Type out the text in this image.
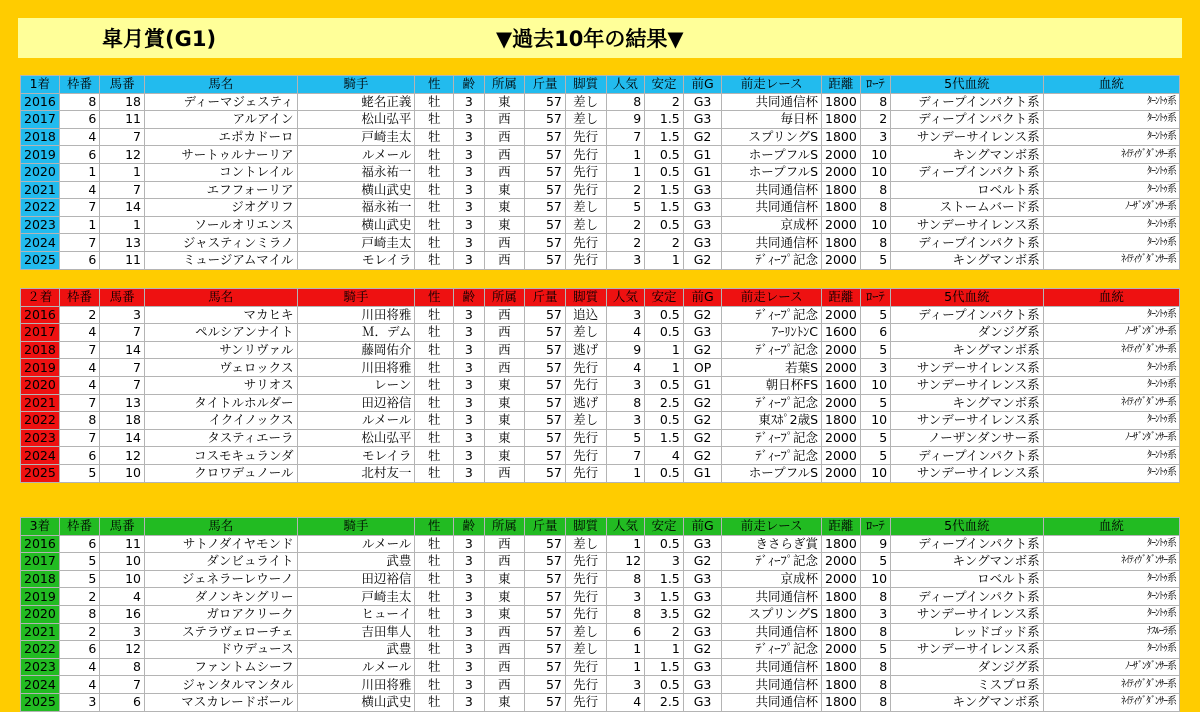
皐月賞(G1)	▼過去10年の結果▼
1着	枠番	馬番	馬名	騎手	性	齢	所属	斤量	脚質	人気	安定	前G	前走レース	距離	ﾛｰﾃ	5代血統	血統
2016	8	18	ディーマジェスティ	蛯名正義	牡	3	東	57	差し	8	2	G3	共同通信杯	1800	8	ディープインパクト系	ﾀｰﾝﾄｩ系
2017	6	11	アルアイン	松山弘平	牡	3	西	57	差し	9	1.5	G3	毎日杯	1800	2	ディープインパクト系	ﾀｰﾝﾄｩ系
2018	4	7	エポカドーロ	戸崎圭太	牡	3	西	57	先行	7	1.5	G2	スプリングS	1800	3	サンデーサイレンス系	ﾀｰﾝﾄｩ系
2019	6	12	サートゥルナーリア	ルメール	牡	3	西	57	先行	1	0.5	G1	ホープフルS	2000	10	キングマンボ系	ﾈｲﾃｨｳﾞﾀﾞﾝｻｰ系
2020	1	1	コントレイル	福永祐一	牡	3	西	57	先行	1	0.5	G1	ホープフルS	2000	10	ディープインパクト系	ﾀｰﾝﾄｩ系
2021	4	7	エフフォーリア	横山武史	牡	3	東	57	先行	2	1.5	G3	共同通信杯	1800	8	ロベルト系	ﾀｰﾝﾄｩ系
2022	7	14	ジオグリフ	福永祐一	牡	3	東	57	差し	5	1.5	G3	共同通信杯	1800	8	ストームバード系	ﾉｰｻﾞﾝﾀﾞﾝｻｰ系
2023	1	1	ソールオリエンス	横山武史	牡	3	東	57	差し	2	0.5	G3	京成杯	2000	10	サンデーサイレンス系	ﾀｰﾝﾄｩ系
2024	7	13	ジャスティンミラノ	戸崎圭太	牡	3	西	57	先行	2	2	G3	共同通信杯	1800	8	ディープインパクト系	ﾀｰﾝﾄｩ系
2025	6	11	ミュージアムマイル	モレイラ	牡	3	西	57	先行	3	1	G2	ﾃﾞｨｰﾌﾟ記念	2000	5	キングマンボ系	ﾈｲﾃｨｳﾞﾀﾞﾝｻｰ系
２着	枠番	馬番	馬名	騎手	性	齢	所属	斤量	脚質	人気	安定	前G	前走レース	距離	ﾛｰﾃ	5代血統	血統
2016	2	3	マカヒキ	川田将雅	牡	3	西	57	追込	3	0.5	G2	ﾃﾞｨｰﾌﾟ記念	2000	5	ディープインパクト系	ﾀｰﾝﾄｩ系
2017	4	7	ペルシアンナイト	Ｍ．デム	牡	3	西	57	差し	4	0.5	G3	ｱｰﾘﾝﾄﾝC	1600	6	ダンジグ系	ﾉｰｻﾞﾝﾀﾞﾝｻｰ系
2018	7	14	サンリヴァル	藤岡佑介	牡	3	西	57	逃げ	9	1	G2	ﾃﾞｨｰﾌﾟ記念	2000	5	キングマンボ系	ﾈｲﾃｨｳﾞﾀﾞﾝｻｰ系
2019	4	7	ヴェロックス	川田将雅	牡	3	西	57	先行	4	1	OP	若葉S	2000	3	サンデーサイレンス系	ﾀｰﾝﾄｩ系
2020	4	7	サリオス	レーン	牡	3	東	57	先行	3	0.5	G1	朝日杯FS	1600	10	サンデーサイレンス系	ﾀｰﾝﾄｩ系
2021	7	13	タイトルホルダー	田辺裕信	牡	3	東	57	逃げ	8	2.5	G2	ﾃﾞｨｰﾌﾟ記念	2000	5	キングマンボ系	ﾈｲﾃｨｳﾞﾀﾞﾝｻｰ系
2022	8	18	イクイノックス	ルメール	牡	3	東	57	差し	3	0.5	G2	東ｽﾎﾟ2歳S	1800	10	サンデーサイレンス系	ﾀｰﾝﾄｩ系
2023	7	14	タスティエーラ	松山弘平	牡	3	東	57	先行	5	1.5	G2	ﾃﾞｨｰﾌﾟ記念	2000	5	ノーザンダンサー系	ﾉｰｻﾞﾝﾀﾞﾝｻｰ系
2024	6	12	コスモキュランダ	モレイラ	牡	3	東	57	先行	7	4	G2	ﾃﾞｨｰﾌﾟ記念	2000	5	ディープインパクト系	ﾀｰﾝﾄｩ系
2025	5	10	クロワデュノール	北村友一	牡	3	西	57	先行	1	0.5	G1	ホープフルS	2000	10	サンデーサイレンス系	ﾀｰﾝﾄｩ系
3着	枠番	馬番	馬名	騎手	性	齢	所属	斤量	脚質	人気	安定	前G	前走レース	距離	ﾛｰﾃ	5代血統	血統
2016	6	11	サトノダイヤモンド	ルメール	牡	3	西	57	差し	1	0.5	G3	きさらぎ賞	1800	9	ディープインパクト系	ﾀｰﾝﾄｩ系
2017	5	10	ダンビュライト	武豊	牡	3	西	57	先行	12	3	G2	ﾃﾞｨｰﾌﾟ記念	2000	5	キングマンボ系	ﾈｲﾃｨｳﾞﾀﾞﾝｻｰ系
2018	5	10	ジェネラーレウーノ	田辺裕信	牡	3	東	57	先行	8	1.5	G3	京成杯	2000	10	ロベルト系	ﾀｰﾝﾄｩ系
2019	2	4	ダノンキングリー	戸崎圭太	牡	3	東	57	先行	3	1.5	G3	共同通信杯	1800	8	ディープインパクト系	ﾀｰﾝﾄｩ系
2020	8	16	ガロアクリーク	ヒューイ	牡	3	東	57	先行	8	3.5	G2	スプリングS	1800	3	サンデーサイレンス系	ﾀｰﾝﾄｩ系
2021	2	3	ステラヴェローチェ	吉田隼人	牡	3	西	57	差し	6	2	G3	共同通信杯	1800	8	レッドゴッド系	ﾅｽﾙｰﾗ系
2022	6	12	ドウデュース	武豊	牡	3	西	57	差し	1	1	G2	ﾃﾞｨｰﾌﾟ記念	2000	5	サンデーサイレンス系	ﾀｰﾝﾄｩ系
2023	4	8	ファントムシーフ	ルメール	牡	3	西	57	先行	1	1.5	G3	共同通信杯	1800	8	ダンジグ系	ﾉｰｻﾞﾝﾀﾞﾝｻｰ系
2024	4	7	ジャンタルマンタル	川田将雅	牡	3	西	57	先行	3	0.5	G3	共同通信杯	1800	8	ミスプロ系	ﾈｲﾃｨｳﾞﾀﾞﾝｻｰ系
2025	3	6	マスカレードボール	横山武史	牡	3	東	57	先行	4	2.5	G3	共同通信杯	1800	8	キングマンボ系	ﾈｲﾃｨｳﾞﾀﾞﾝｻｰ系
